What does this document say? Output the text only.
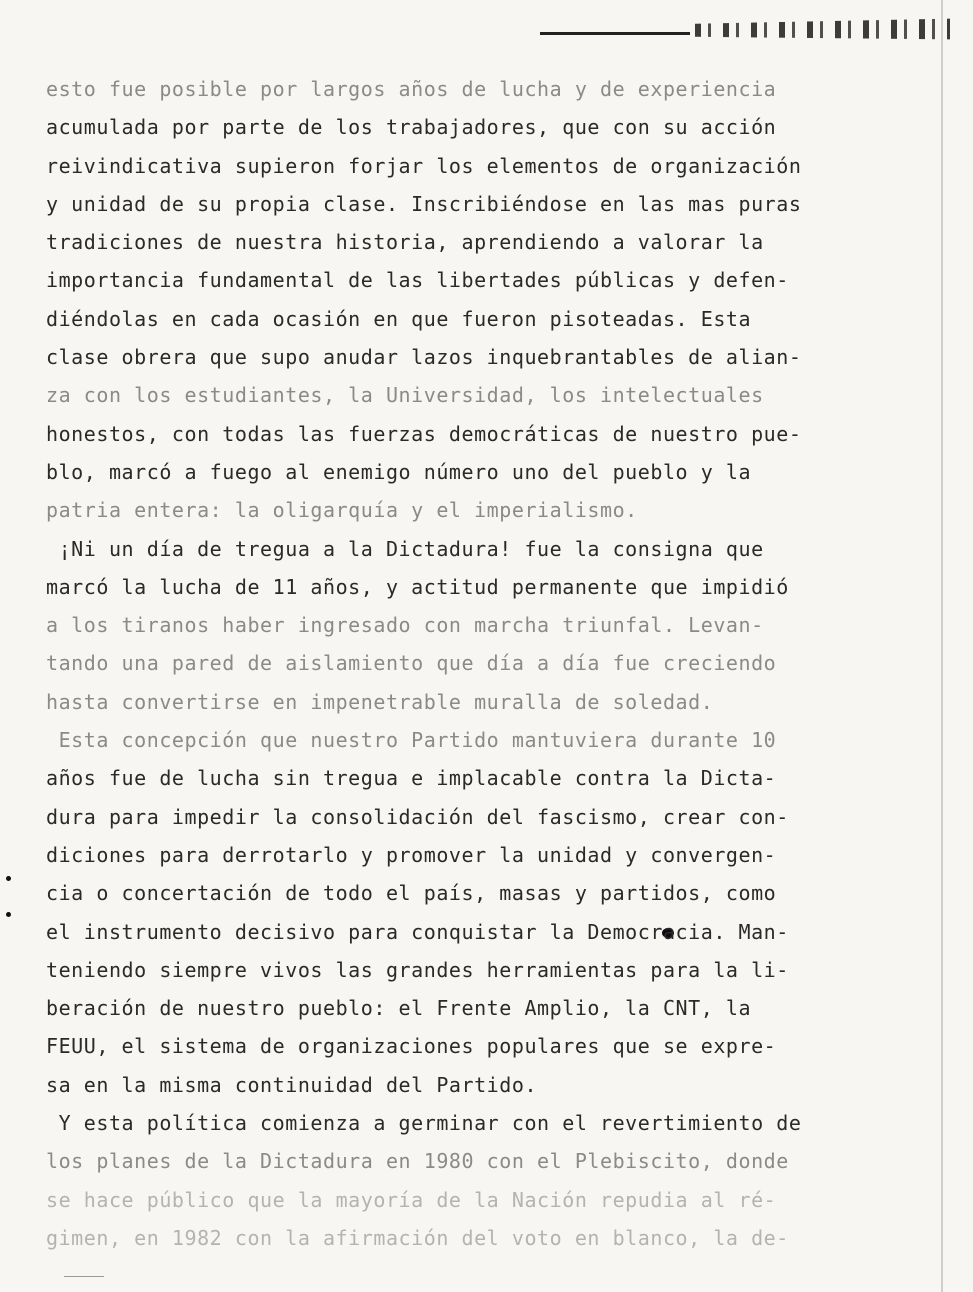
esto fue posible por largos años de lucha y de experiencia
acumulada por parte de los trabajadores, que con su acción
reivindicativa supieron forjar los elementos de organización
y unidad de su propia clase. Inscribiéndose en las mas puras
tradiciones de nuestra historia, aprendiendo a valorar la
importancia fundamental de las libertades públicas y defen-
diéndolas en cada ocasión en que fueron pisoteadas. Esta
clase obrera que supo anudar lazos inquebrantables de alian-
za con los estudiantes, la Universidad, los intelectuales
honestos, con todas las fuerzas democráticas de nuestro pue-
blo, marcó a fuego al enemigo número uno del pueblo y la
patria entera: la oligarquía y el imperialismo.
¡Ni un día de tregua a la Dictadura! fue la consigna que
marcó la lucha de 11 años, y actitud permanente que impidió
a los tiranos haber ingresado con marcha triunfal. Levan-
tando una pared de aislamiento que día a día fue creciendo
hasta convertirse en impenetrable muralla de soledad.
Esta concepción que nuestro Partido mantuviera durante 10
años fue de lucha sin tregua e implacable contra la Dicta-
dura para impedir la consolidación del fascismo, crear con-
diciones para derrotarlo y promover la unidad y convergen-
cia o concertación de todo el país, masas y partidos, como
el instrumento decisivo para conquistar la Democracia. Man-
teniendo siempre vivos las grandes herramientas para la li-
beración de nuestro pueblo: el Frente Amplio, la CNT, la
FEUU, el sistema de organizaciones populares que se expre-
sa en la misma continuidad del Partido.
Y esta política comienza a germinar con el revertimiento de
los planes de la Dictadura en 1980 con el Plebiscito, donde
se hace público que la mayoría de la Nación repudia al ré-
gimen, en 1982 con la afirmación del voto en blanco, la de-
